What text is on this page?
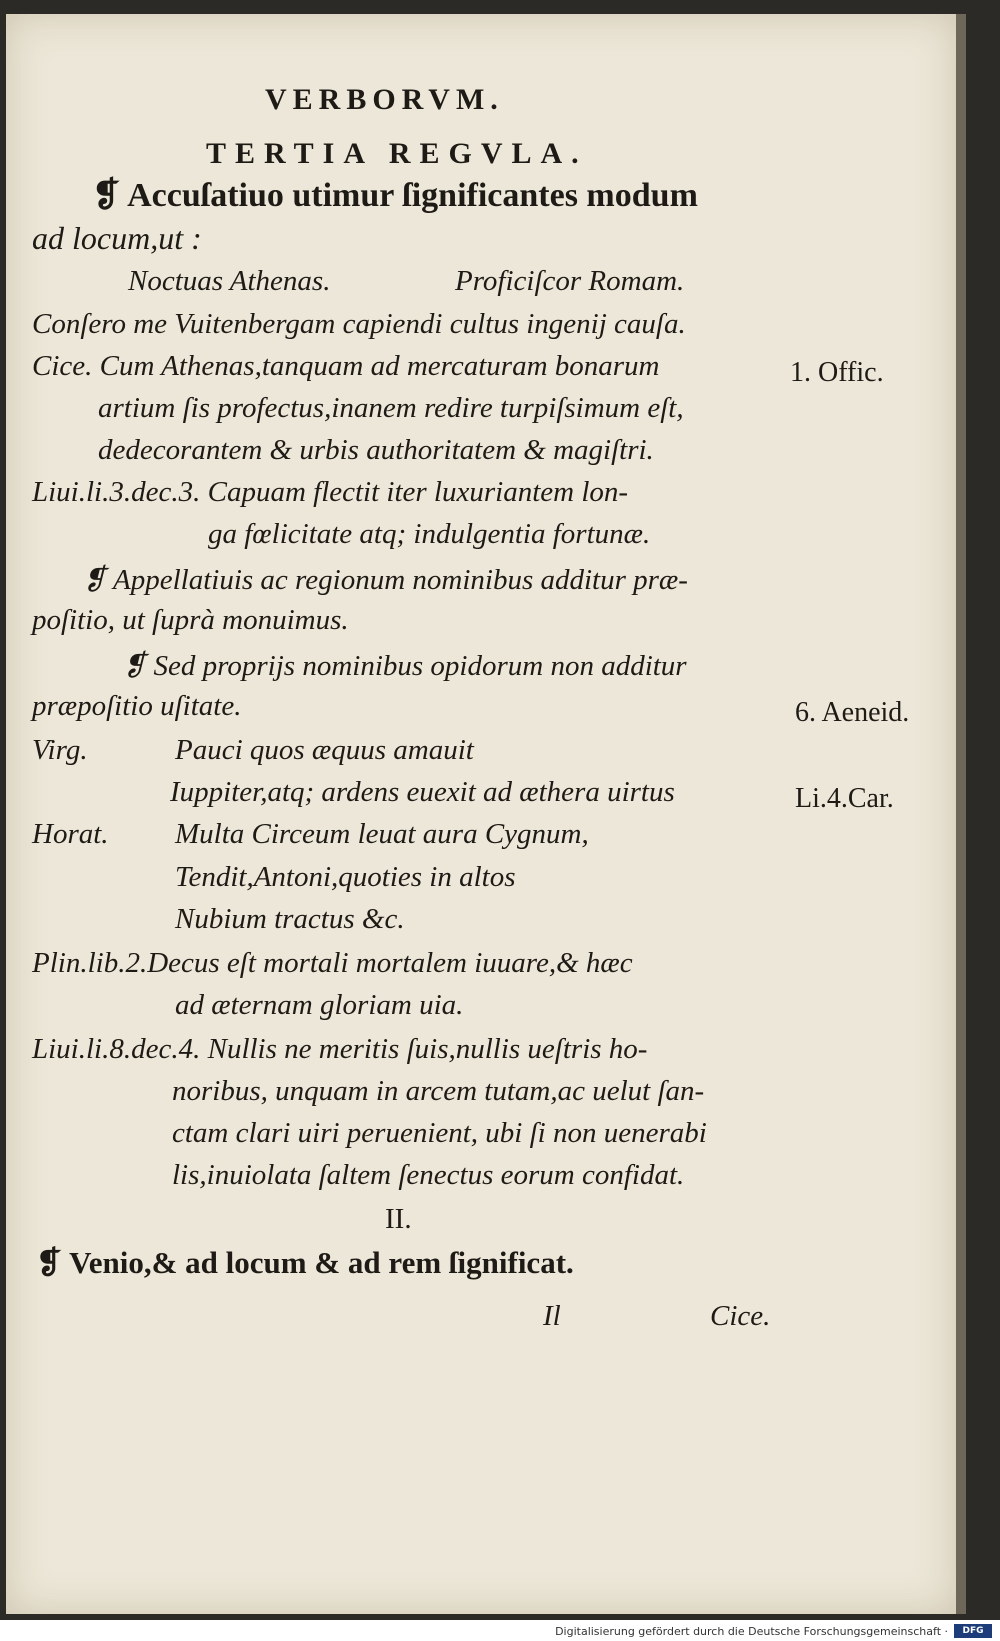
VERBORVM.
TERTIA REGVLA.
❡ Accuſatiuo utimur ſignificantes modum
ad locum,ut :
Noctuas Athenas.	Proficiſcor Romam.
Conſero me Vuitenbergam capiendi cultus ingenij cauſa.
Cice. Cum Athenas,tanquam ad mercaturam bonarum
artium ſis profectus,inanem redire turpiſsimum eſt,
dedecorantem & urbis authoritatem & magiſtri.
Liui.li.3.dec.3. Capuam flectit iter luxuriantem lon-
ga fœlicitate atq; indulgentia fortunæ.
❡ Appellatiuis ac regionum nominibus additur præ-
poſitio, ut ſuprà monuimus.
❡ Sed proprijs nominibus opidorum non additur
præpoſitio uſitate.
Virg.	Pauci quos æquus amauit
Iuppiter,atq; ardens euexit ad æthera uirtus
Horat. Multa Circeum leuat aura Cygnum,
Tendit,Antoni,quoties in altos
Nubium tractus &c.
Plin.lib.2.Decus eſt mortali mortalem iuuare,& hæc
ad æternam gloriam uia.
Liui.li.8.dec.4. Nullis ne meritis ſuis,nullis ueſtris ho-
noribus, unquam in arcem tutam,ac uelut ſan-
ctam clari uiri peruenient, ubi ſi non uenerabi
lis,inuiolata ſaltem ſenectus eorum confidat.
II.
❡ Venio,& ad locum & ad rem ſignificat.
Il	Cice.
1. Offic.
6. Aeneid.
Li.4.Car.
Digitalisierung gefördert durch die Deutsche Forschungsgemeinschaft ·	DFG
